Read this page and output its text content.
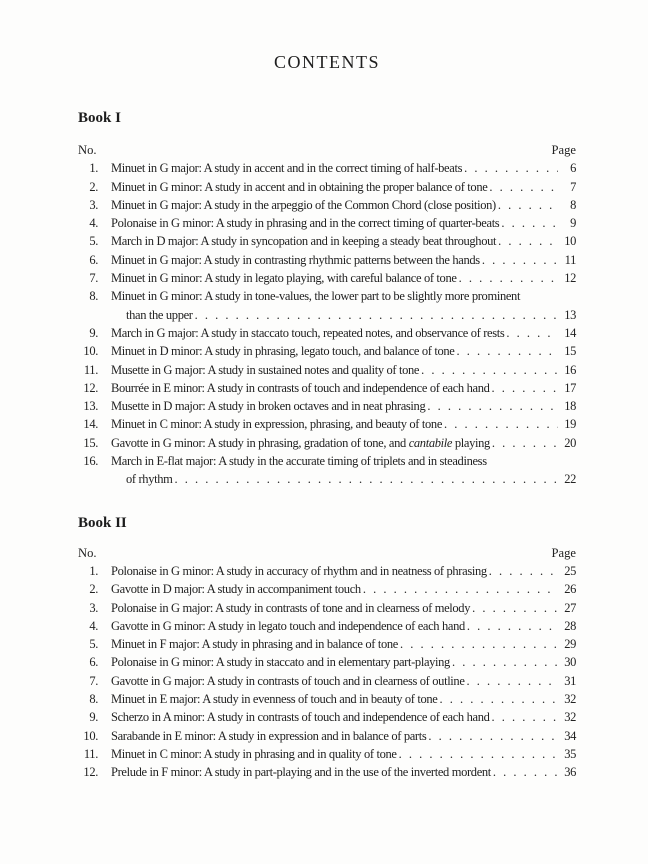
CONTENTS
Book I
No.	Page
1. Minuet in G major: A study in accent and in the correct timing of half-beats . . .	6
2. Minuet in G minor: A study in accent and in obtaining the proper balance of tone . . .	7
3. Minuet in G major: A study in the arpeggio of the Common Chord (close position) . . .	8
4. Polonaise in G minor: A study in phrasing and in the correct timing of quarter-beats . . .	9
5. March in D major: A study in syncopation and in keeping a steady beat throughout . . .	10
6. Minuet in G major: A study in contrasting rhythmic patterns between the hands . . .	11
7. Minuet in G minor: A study in legato playing, with careful balance of tone . . .	12
8. Minuet in G minor: A study in tone-values, the lower part to be slightly more prominent
than the upper . . .	13
9. March in G major: A study in staccato touch, repeated notes, and observance of rests . . .	14
10. Minuet in D minor: A study in phrasing, legato touch, and balance of tone . . .	15
11. Musette in G major: A study in sustained notes and quality of tone . . .	16
12. Bourrée in E minor: A study in contrasts of touch and independence of each hand . . .	17
13. Musette in D major: A study in broken octaves and in neat phrasing . . .	18
14. Minuet in C minor: A study in expression, phrasing, and beauty of tone . . .	19
15. Gavotte in G minor: A study in phrasing, gradation of tone, and cantabile playing . . .	20
16. March in E-flat major: A study in the accurate timing of triplets and in steadiness
of rhythm . . .	22
Book II
No.	Page
1. Polonaise in G minor: A study in accuracy of rhythm and in neatness of phrasing . . .	25
2. Gavotte in D major: A study in accompaniment touch . . .	26
3. Polonaise in G major: A study in contrasts of tone and in clearness of melody . . .	27
4. Gavotte in G minor: A study in legato touch and independence of each hand . . .	28
5. Minuet in F major: A study in phrasing and in balance of tone . . .	29
6. Polonaise in G minor: A study in staccato and in elementary part-playing . . .	30
7. Gavotte in G major: A study in contrasts of touch and in clearness of outline . . .	31
8. Minuet in E major: A study in evenness of touch and in beauty of tone . . .	32
9. Scherzo in A minor: A study in contrasts of touch and independence of each hand . . .	32
10. Sarabande in E minor: A study in expression and in balance of parts . . .	34
11. Minuet in C minor: A study in phrasing and in quality of tone . . .	35
12. Prelude in F minor: A study in part-playing and in the use of the inverted mordent . . .	36
